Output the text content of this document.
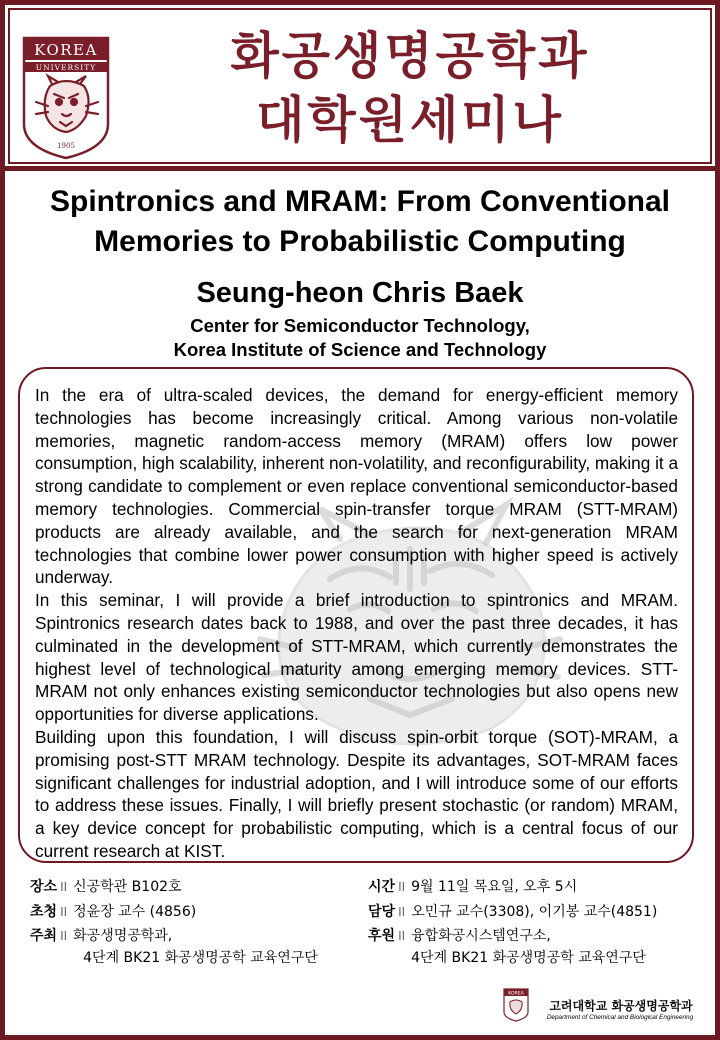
KOREA
UNIVERSITY
1905
화공생명공학과
대학원세미나
Spintronics and MRAM: From Conventional
Memories to Probabilistic Computing
Seung-heon Chris Baek
Center for Semiconductor Technology,
Korea Institute of Science and Technology

In the era of ultra-scaled devices, the demand for energy-efficient memory technologies has become increasingly critical. Among various non-volatile memories, magnetic random-access memory (MRAM) offers low power consumption, high scalability, inherent non-volatility, and reconfigurability, making it a strong candidate to complement or even replace conventional semiconductor-based memory technologies. Commercial spin-transfer torque MRAM (STT-MRAM) products are already available, and the search for next-generation MRAM technologies that combine lower power consumption with higher speed is actively underway.

In this seminar, I will provide a brief introduction to spintronics and MRAM. Spintronics research dates back to 1988, and over the past three decades, it has culminated in the development of STT-MRAM, which currently demonstrates the highest level of technological maturity among emerging memory devices. STT-MRAM not only enhances existing semiconductor technologies but also opens new opportunities for diverse applications.

Building upon this foundation, I will discuss spin-orbit torque (SOT)-MRAM, a promising post-STT MRAM technology. Despite its advantages, SOT-MRAM faces significant challenges for industrial adoption, and I will introduce some of our efforts to address these issues. Finally, I will briefly present stochastic (or random) MRAM, a key device concept for probabilistic computing, which is a central focus of our current research at KIST.

장소 II 신공학관 B102호
초청 II 정윤장 교수 (4856)
주최 II 화공생명공학과,
4단계 BK21 화공생명공학 교육연구단
시간 II 9월 11일 목요일, 오후 5시
담당 II 오민규 교수(3308), 이기봉 교수(4851)
후원 II 융합화공시스템연구소,
4단계 BK21 화공생명공학 교육연구단
KOREA
고려대학교 화공생명공학과
Department of Chemical and Biological Engineering
